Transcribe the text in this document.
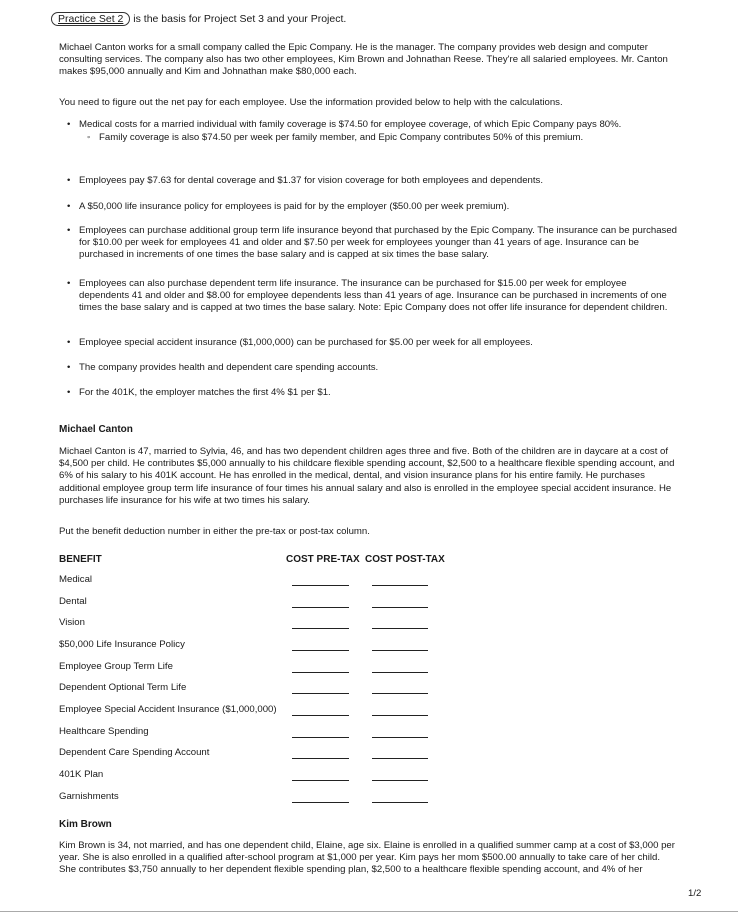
Practice Set 2 is the basis for Project Set 3 and your Project.

Michael Canton works for a small company called the Epic Company. He is the manager. The company provides web design and computer consulting services. The company also has two other employees, Kim Brown and Johnathan Reese. They're all salaried employees. Mr. Canton makes $95,000 annually and Kim and Johnathan make $80,000 each.

You need to figure out the net pay for each employee. Use the information provided below to help with the calculations.

• Medical costs for a married individual with family coverage is $74.50 for employee coverage, of which Epic Company pays 80%.
◦ Family coverage is also $74.50 per week per family member, and Epic Company contributes 50% of this premium.
• Employees pay $7.63 for dental coverage and $1.37 for vision coverage for both employees and dependents.
• A $50,000 life insurance policy for employees is paid for by the employer ($50.00 per week premium).
• Employees can purchase additional group term life insurance beyond that purchased by the Epic Company. The insurance can be purchased for $10.00 per week for employees 41 and older and $7.50 per week for employees younger than 41 years of age. Insurance can be purchased in increments of one times the base salary and is capped at six times the base salary.
• Employees can also purchase dependent term life insurance. The insurance can be purchased for $15.00 per week for employee dependents 41 and older and $8.00 for employee dependents less than 41 years of age. Insurance can be purchased in increments of one times the base salary and is capped at two times the base salary. Note: Epic Company does not offer life insurance for dependent children.
• Employee special accident insurance ($1,000,000) can be purchased for $5.00 per week for all employees.
• The company provides health and dependent care spending accounts.
• For the 401K, the employer matches the first 4% $1 per $1.
Michael Canton

Michael Canton is 47, married to Sylvia, 46, and has two dependent children ages three and five. Both of the children are in daycare at a cost of $4,500 per child. He contributes $5,000 annually to his childcare flexible spending account, $2,500 to a healthcare flexible spending account, and 6% of his salary to his 401K account. He has enrolled in the medical, dental, and vision insurance plans for his entire family. He purchases additional employee group term life insurance of four times his annual salary and also is enrolled in the employee special accident insurance. He purchases life insurance for his wife at two times his salary.

Put the benefit deduction number in either the pre-tax or post-tax column.

BENEFIT	COST PRE-TAX COST POST-TAX
Medical
Dental
Vision
$50,000 Life Insurance Policy
Employee Group Term Life
Dependent Optional Term Life
Employee Special Accident Insurance ($1,000,000)
Healthcare Spending
Dependent Care Spending Account
401K Plan
Garnishments
Kim Brown

Kim Brown is 34, not married, and has one dependent child, Elaine, age six. Elaine is enrolled in a qualified summer camp at a cost of $3,000 per year. She is also enrolled in a qualified after-school program at $1,000 per year. Kim pays her mom $500.00 annually to take care of her child. She contributes $3,750 annually to her dependent flexible spending plan, $2,500 to a healthcare flexible spending account, and 4% of her

1/2
